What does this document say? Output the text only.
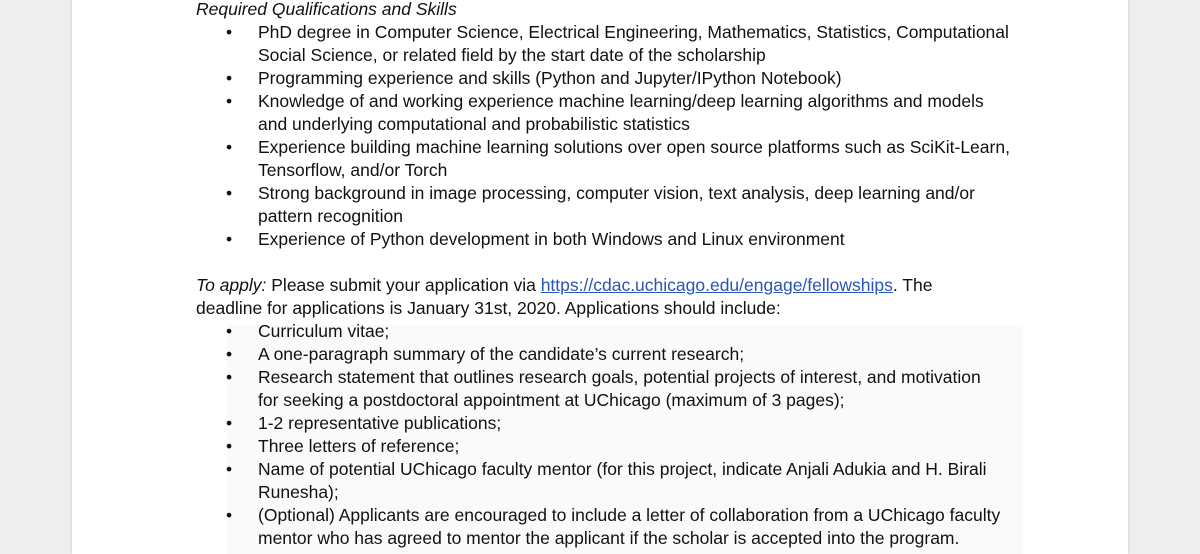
Required Qualifications and Skills
• PhD degree in Computer Science, Electrical Engineering, Mathematics, Statistics, Computational
Social Science, or related field by the start date of the scholarship
• Programming experience and skills (Python and Jupyter/IPython Notebook)
• Knowledge of and working experience machine learning/deep learning algorithms and models
and underlying computational and probabilistic statistics
• Experience building machine learning solutions over open source platforms such as SciKit-Learn,
Tensorflow, and/or Torch
• Strong background in image processing, computer vision, text analysis, deep learning and/or
pattern recognition
• Experience of Python development in both Windows and Linux environment

To apply: Please submit your application via https://cdac.uchicago.edu/engage/fellowships. The
deadline for applications is January 31st, 2020. Applications should include:

• Curriculum vitae;
• A one-paragraph summary of the candidate’s current research;
• Research statement that outlines research goals, potential projects of interest, and motivation
for seeking a postdoctoral appointment at UChicago (maximum of 3 pages);
• 1-2 representative publications;
• Three letters of reference;
• Name of potential UChicago faculty mentor (for this project, indicate Anjali Adukia and H. Birali
Runesha);
• (Optional) Applicants are encouraged to include a letter of collaboration from a UChicago faculty
mentor who has agreed to mentor the applicant if the scholar is accepted into the program.
